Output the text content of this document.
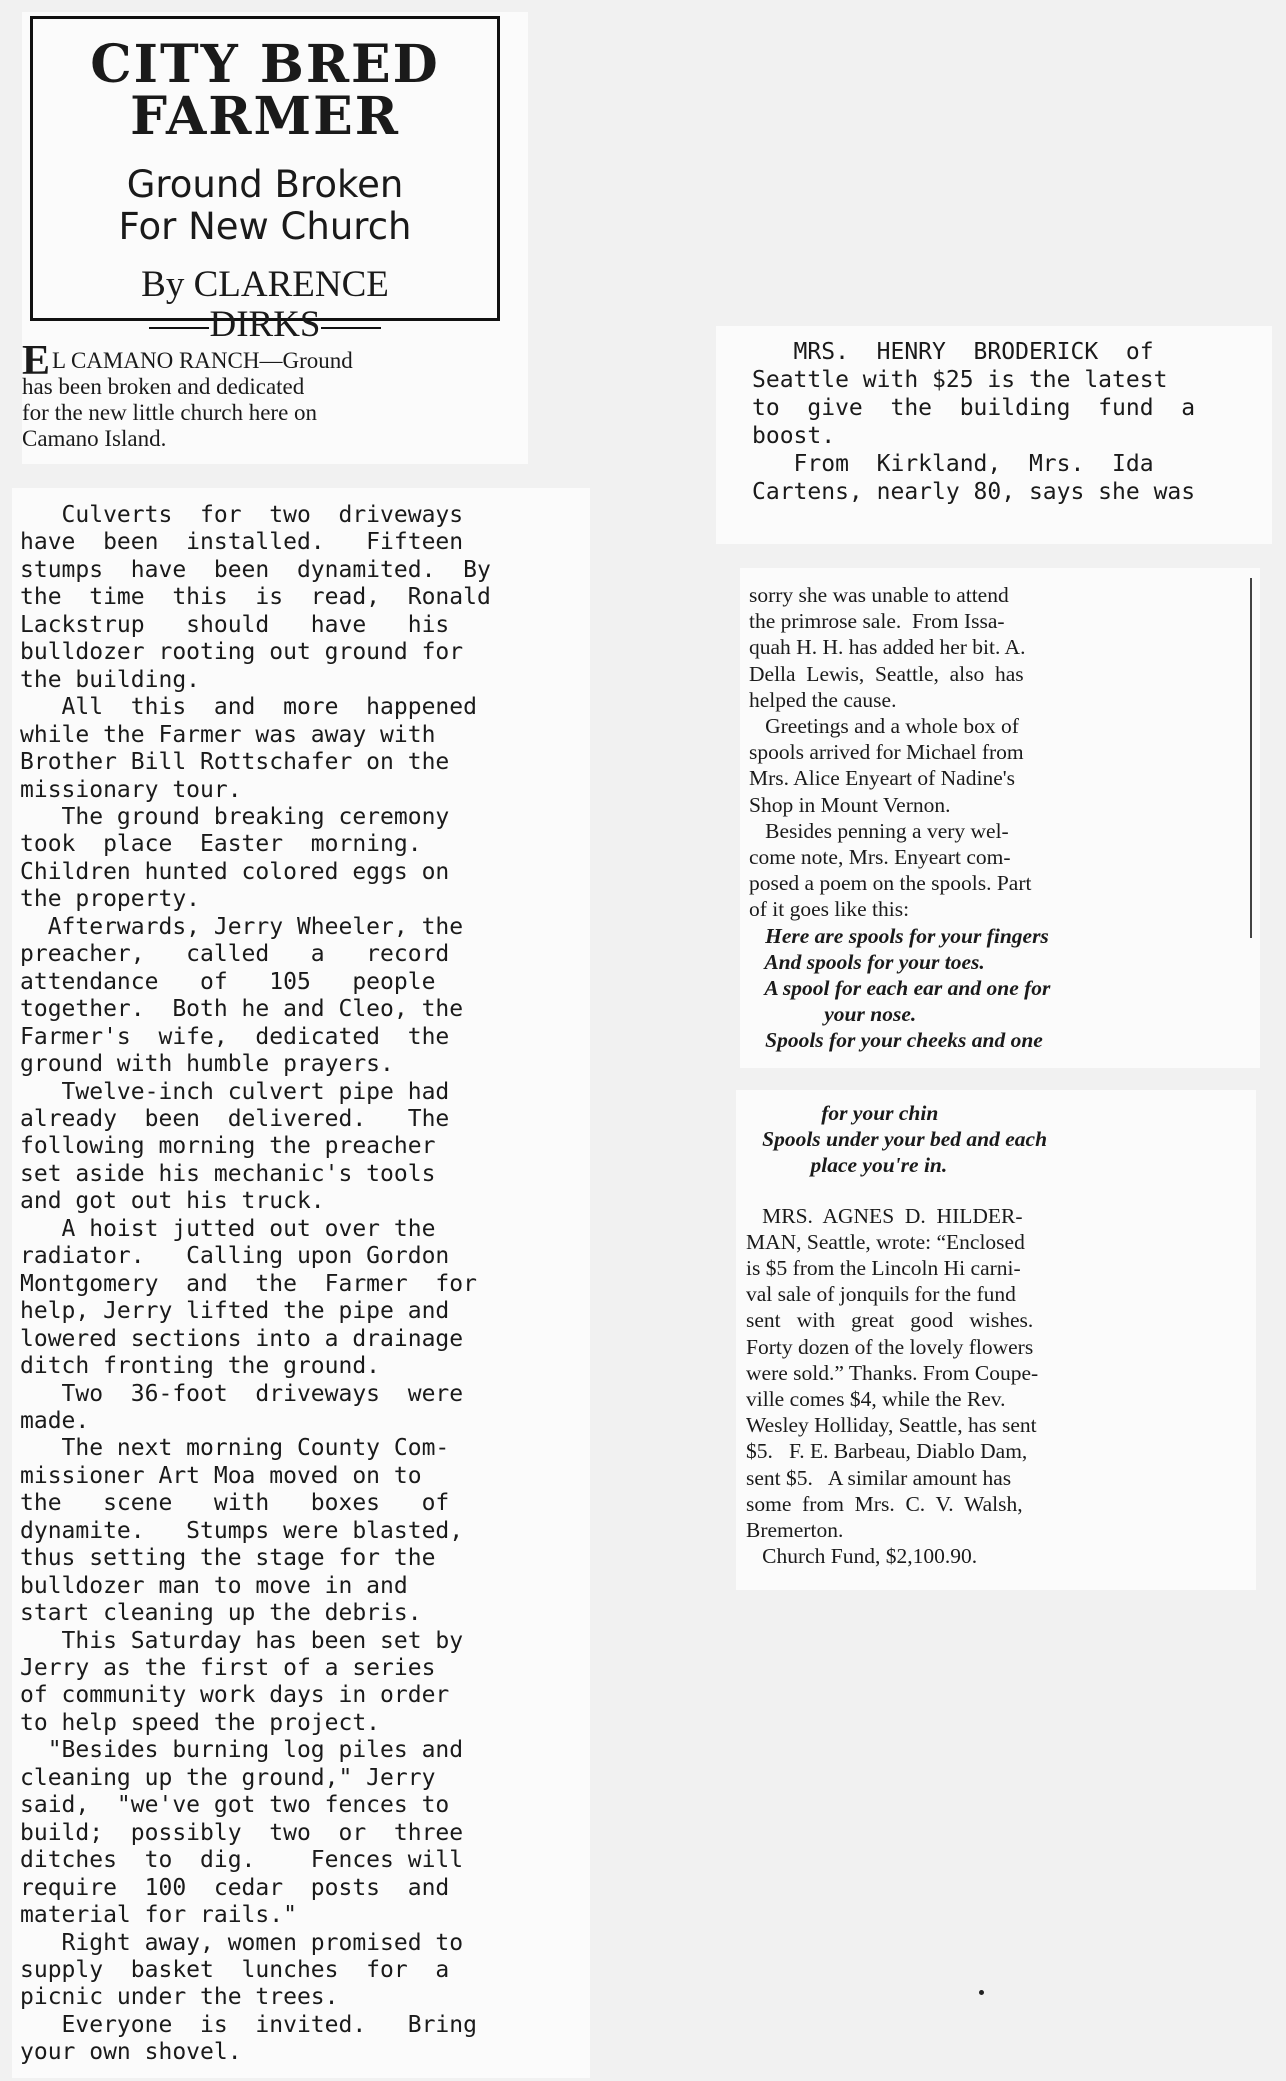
CITY BRED
FARMER
Ground Broken
For New Church
By CLARENCE
DIRKS
EL CAMANO RANCH—Ground
has been broken and dedicated
for the new little church here on
Camano Island.
Culverts  for  two  driveways
have  been  installed.   Fifteen
stumps  have  been  dynamited.  By
the  time  this  is  read,  Ronald
Lackstrup   should   have   his
bulldozer rooting out ground for
the building.
All  this  and  more  happened
while the Farmer was away with
Brother Bill Rottschafer on the
missionary tour.
The ground breaking ceremony
took  place  Easter  morning.
Children hunted colored eggs on
the property.
Afterwards, Jerry Wheeler, the
preacher,   called   a   record
attendance   of   105   people
together.  Both he and Cleo, the
Farmer's  wife,  dedicated  the
ground with humble prayers.
Twelve-inch culvert pipe had
already  been  delivered.   The
following morning the preacher
set aside his mechanic's tools
and got out his truck.
A hoist jutted out over the
radiator.   Calling upon Gordon
Montgomery  and  the  Farmer  for
help, Jerry lifted the pipe and
lowered sections into a drainage
ditch fronting the ground.
Two  36-foot  driveways  were
made.
The next morning County Com-
missioner Art Moa moved on to
the   scene   with   boxes   of
dynamite.   Stumps were blasted,
thus setting the stage for the
bulldozer man to move in and
start cleaning up the debris.
This Saturday has been set by
Jerry as the first of a series
of community work days in order
to help speed the project.
"Besides burning log piles and
cleaning up the ground," Jerry
said,  "we've got two fences to
build;  possibly  two  or  three
ditches  to  dig.    Fences will
require  100  cedar  posts  and
material for rails."
Right away, women promised to
supply  basket  lunches  for  a
picnic under the trees.
Everyone  is  invited.   Bring
your own shovel.
MRS.  HENRY  BRODERICK  of
Seattle with $25 is the latest
to  give  the  building  fund  a
boost.
From  Kirkland,  Mrs.  Ida
Cartens, nearly 80, says she was
sorry she was unable to attend
the primrose sale.  From Issa-
quah H. H. has added her bit. A.
Della  Lewis,  Seattle,  also  has
helped the cause.
Greetings and a whole box of
spools arrived for Michael from
Mrs. Alice Enyeart of Nadine's
Shop in Mount Vernon.
Besides penning a very wel-
come note, Mrs. Enyeart com-
posed a poem on the spools. Part
of it goes like this:
Here are spools for your fingers
And spools for your toes.
A spool for each ear and one for
your nose.
Spools for your cheeks and one
for your chin
Spools under your bed and each
place you're in.
MRS.  AGNES  D.  HILDER-
MAN, Seattle, wrote: “Enclosed
is $5 from the Lincoln Hi carni-
val sale of jonquils for the fund
sent   with   great   good   wishes.
Forty dozen of the lovely flowers
were sold.” Thanks. From Coupe-
ville comes $4, while the Rev.
Wesley Holliday, Seattle, has sent
$5.   F. E. Barbeau, Diablo Dam,
sent $5.   A similar amount has
some  from  Mrs.  C.  V.  Walsh,
Bremerton.
Church Fund, $2,100.90.
